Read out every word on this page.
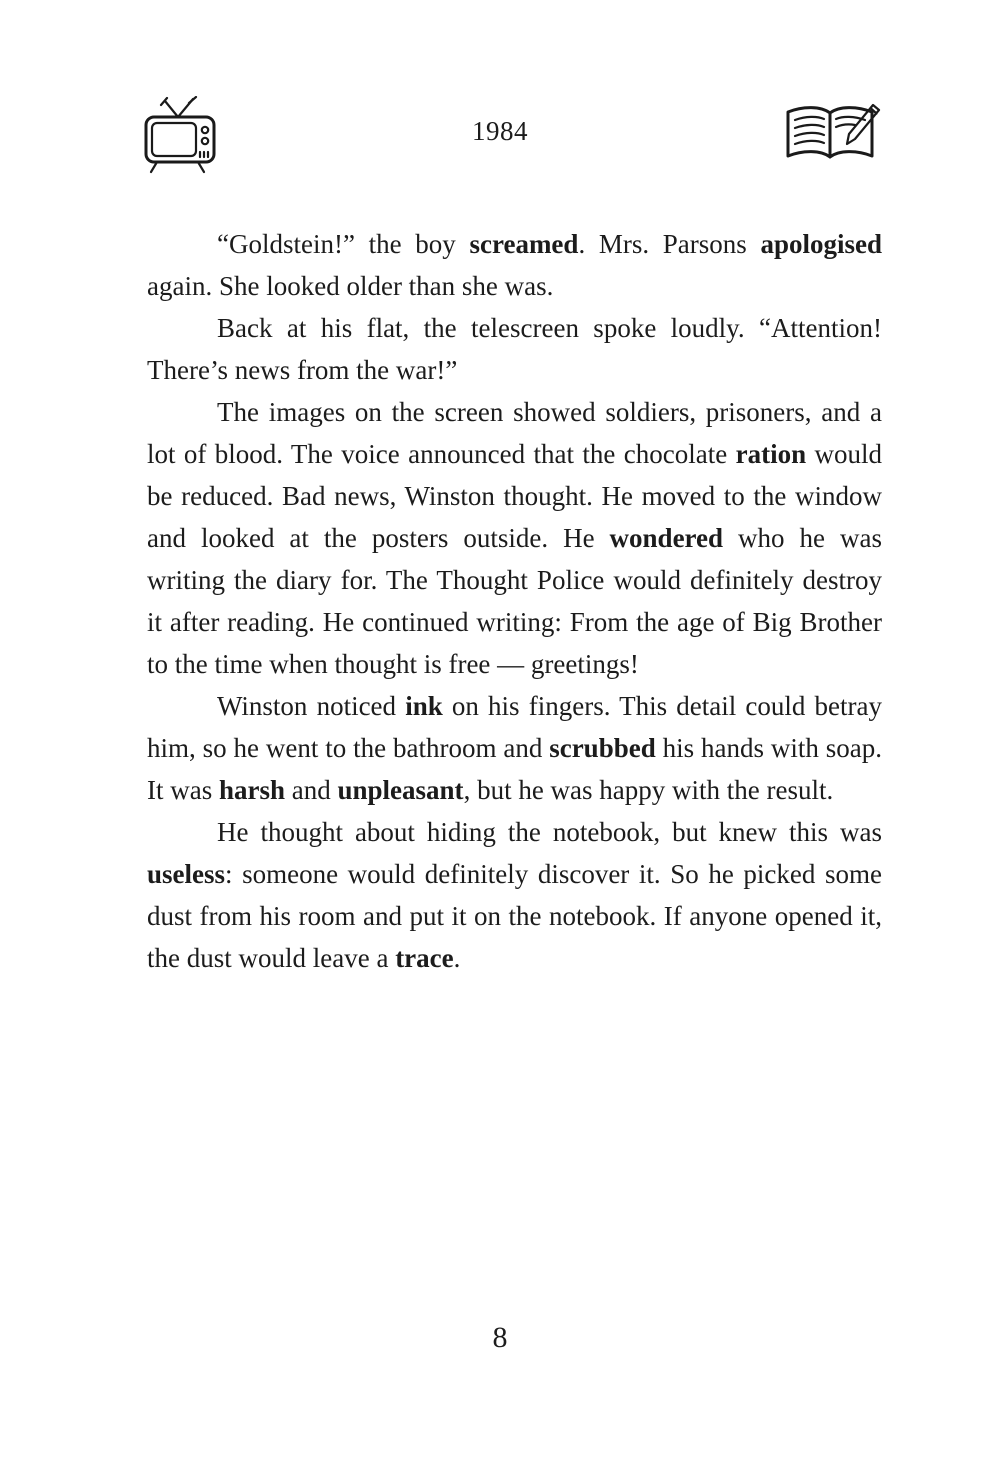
1984

“Goldstein!” the boy screamed. Mrs. Parsons apologised again. She looked older than she was.

Back at his flat, the telescreen spoke loudly. “Attention! There’s news from the war!”

The images on the screen showed soldiers, prisoners, and a lot of blood. The voice announced that the chocolate ration would be reduced. Bad news, Winston thought. He moved to the window and looked at the posters outside. He wondered who he was writing the diary for. The Thought Police would definitely destroy it after reading. He continued writing: From the age of Big Brother to the time when thought is free — greetings!

Winston noticed ink on his fingers. This detail could betray him, so he went to the bathroom and scrubbed his hands with soap. It was harsh and unpleasant, but he was happy with the result.

He thought about hiding the notebook, but knew this was useless: someone would definitely discover it. So he picked some dust from his room and put it on the notebook. If anyone opened it, the dust would leave a trace.

8
